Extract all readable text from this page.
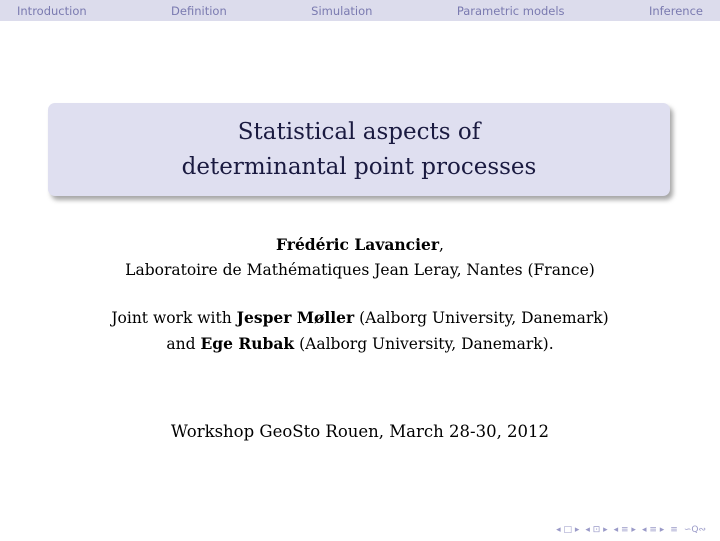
Introduction	Definition	Simulation	Parametric models	Inference
Statistical aspects of
determinantal point processes
Frédéric Lavancier,
Laboratoire de Mathématiques Jean Leray, Nantes (France)
Joint work with Jesper Møller (Aalborg University, Danemark)
and Ege Rubak (Aalborg University, Danemark).
Workshop GeoSto Rouen, March 28-30, 2012
◂ □ ▸ ◂ ⊡ ▸ ◂ ≡ ▸ ◂ ≡ ▸ ≡ ∽Q∾
